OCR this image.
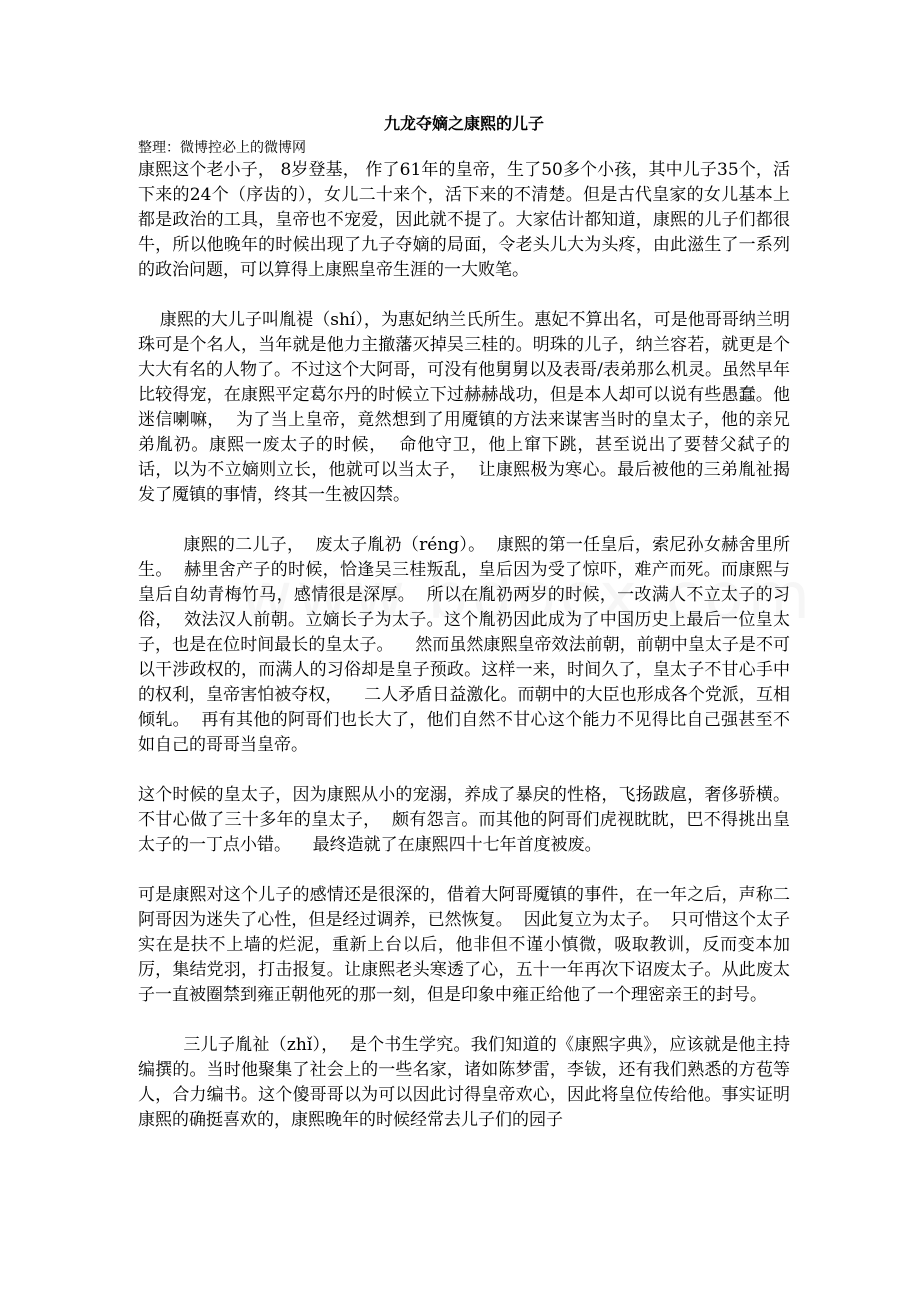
九龙夺嫡之康熙的儿子

整理：微博控必上的微博网

康熙这个老小子， 8岁登基， 作了61年的皇帝，生了50多个小孩，其中儿子35个，活下来的24个（序齿的），女儿二十来个，活下来的不清楚。但是古代皇家的女儿基本上都是政治的工具，皇帝也不宠爱，因此就不提了。大家估计都知道，康熙的儿子们都很牛，所以他晚年的时候出现了九子夺嫡的局面，令老头儿大为头疼，由此滋生了一系列的政治问题，可以算得上康熙皇帝生涯的一大败笔。

康熙的大儿子叫胤禔（shí），为惠妃纳兰氏所生。惠妃不算出名，可是他哥哥纳兰明珠可是个名人，当年就是他力主撤藩灭掉吴三桂的。明珠的儿子，纳兰容若，就更是个大大有名的人物了。不过这个大阿哥，可没有他舅舅以及表哥/表弟那么机灵。虽然早年比较得宠，在康熙平定葛尔丹的时候立下过赫赫战功，但是本人却可以说有些愚蠢。他迷信喇嘛，  为了当上皇帝，竟然想到了用魇镇的方法来谋害当时的皇太子，他的亲兄弟胤礽。康熙一废太子的时候，  命他守卫，他上窜下跳，甚至说出了要替父弑子的话，以为不立嫡则立长，他就可以当太子，  让康熙极为寒心。最后被他的三弟胤祉揭发了魇镇的事情，终其一生被囚禁。

康熙的二儿子，  废太子胤礽（réng）。  康熙的第一任皇后，索尼孙女赫舍里所生。  赫里舍产子的时候，恰逢吴三桂叛乱，皇后因为受了惊吓，难产而死。而康熙与皇后自幼青梅竹马，感情很是深厚。  所以在胤礽两岁的时候，一改满人不立太子的习俗，  效法汉人前朝。立嫡长子为太子。这个胤礽因此成为了中国历史上最后一位皇太子，也是在位时间最长的皇太子。    然而虽然康熙皇帝效法前朝，前朝中皇太子是不可以干涉政权的，而满人的习俗却是皇子预政。这样一来，时间久了，皇太子不甘心手中的权利，皇帝害怕被夺权，    二人矛盾日益激化。而朝中的大臣也形成各个党派，互相倾轧。  再有其他的阿哥们也长大了，他们自然不甘心这个能力不见得比自己强甚至不如自己的哥哥当皇帝。

这个时候的皇太子，因为康熙从小的宠溺，养成了暴戾的性格，飞扬跋扈，奢侈骄横。    不甘心做了三十多年的皇太子，  颇有怨言。而其他的阿哥们虎视眈眈，巴不得挑出皇太子的一丁点小错。    最终造就了在康熙四十七年首度被废。

可是康熙对这个儿子的感情还是很深的，借着大阿哥魇镇的事件，在一年之后，声称二阿哥因为迷失了心性，但是经过调养，已然恢复。  因此复立为太子。  只可惜这个太子实在是扶不上墙的烂泥，重新上台以后，他非但不谨小慎微，吸取教训，反而变本加厉，集结党羽，打击报复。让康熙老头寒透了心，五十一年再次下诏废太子。从此废太子一直被圈禁到雍正朝他死的那一刻，但是印象中雍正给他了一个理密亲王的封号。

三儿子胤祉（zhǐ），  是个书生学究。我们知道的《康熙字典》，应该就是他主持编撰的。当时他聚集了社会上的一些名家，诸如陈梦雷，李钹，还有我们熟悉的方苞等人，合力编书。这个傻哥哥以为可以因此讨得皇帝欢心，因此将皇位传给他。事实证明康熙的确挺喜欢的，康熙晚年的时候经常去儿子们的园子
